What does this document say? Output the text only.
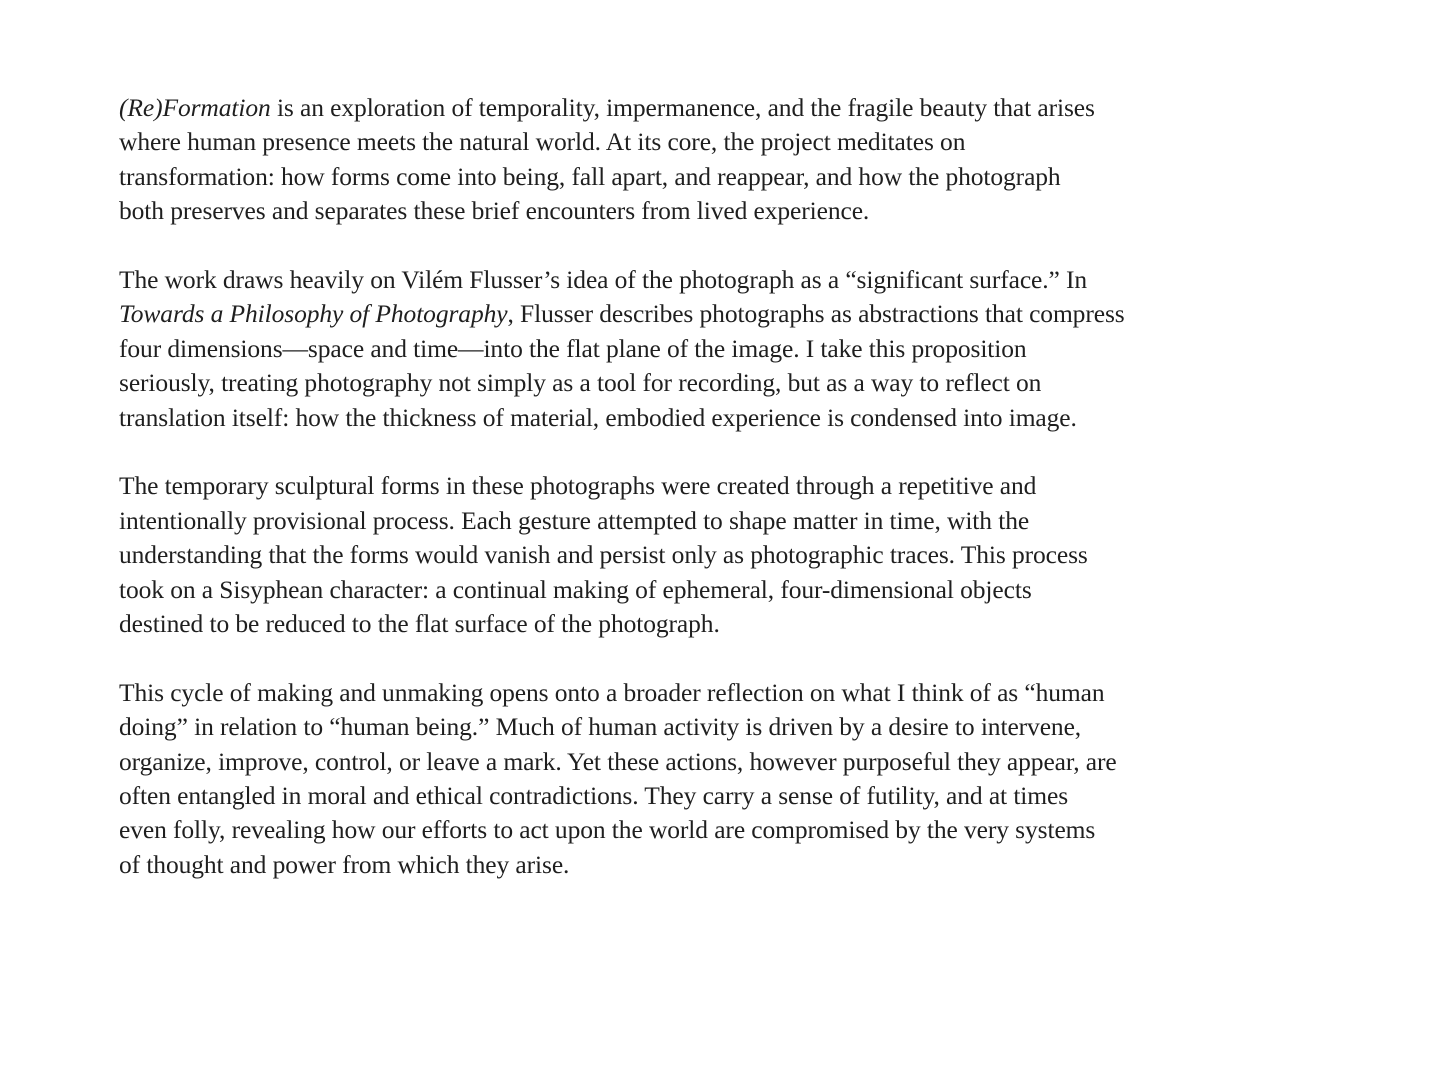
(Re)Formation is an exploration of temporality, impermanence, and the fragile beauty that arises
where human presence meets the natural world. At its core, the project meditates on
transformation: how forms come into being, fall apart, and reappear, and how the photograph
both preserves and separates these brief encounters from lived experience.

The work draws heavily on Vilém Flusser’s idea of the photograph as a “significant surface.” In
Towards a Philosophy of Photography, Flusser describes photographs as abstractions that compress
four dimensions—space and time—into the flat plane of the image. I take this proposition
seriously, treating photography not simply as a tool for recording, but as a way to reflect on
translation itself: how the thickness of material, embodied experience is condensed into image.

The temporary sculptural forms in these photographs were created through a repetitive and
intentionally provisional process. Each gesture attempted to shape matter in time, with the
understanding that the forms would vanish and persist only as photographic traces. This process
took on a Sisyphean character: a continual making of ephemeral, four-dimensional objects
destined to be reduced to the flat surface of the photograph.

This cycle of making and unmaking opens onto a broader reflection on what I think of as “human
doing” in relation to “human being.” Much of human activity is driven by a desire to intervene,
organize, improve, control, or leave a mark. Yet these actions, however purposeful they appear, are
often entangled in moral and ethical contradictions. They carry a sense of futility, and at times
even folly, revealing how our efforts to act upon the world are compromised by the very systems
of thought and power from which they arise.
